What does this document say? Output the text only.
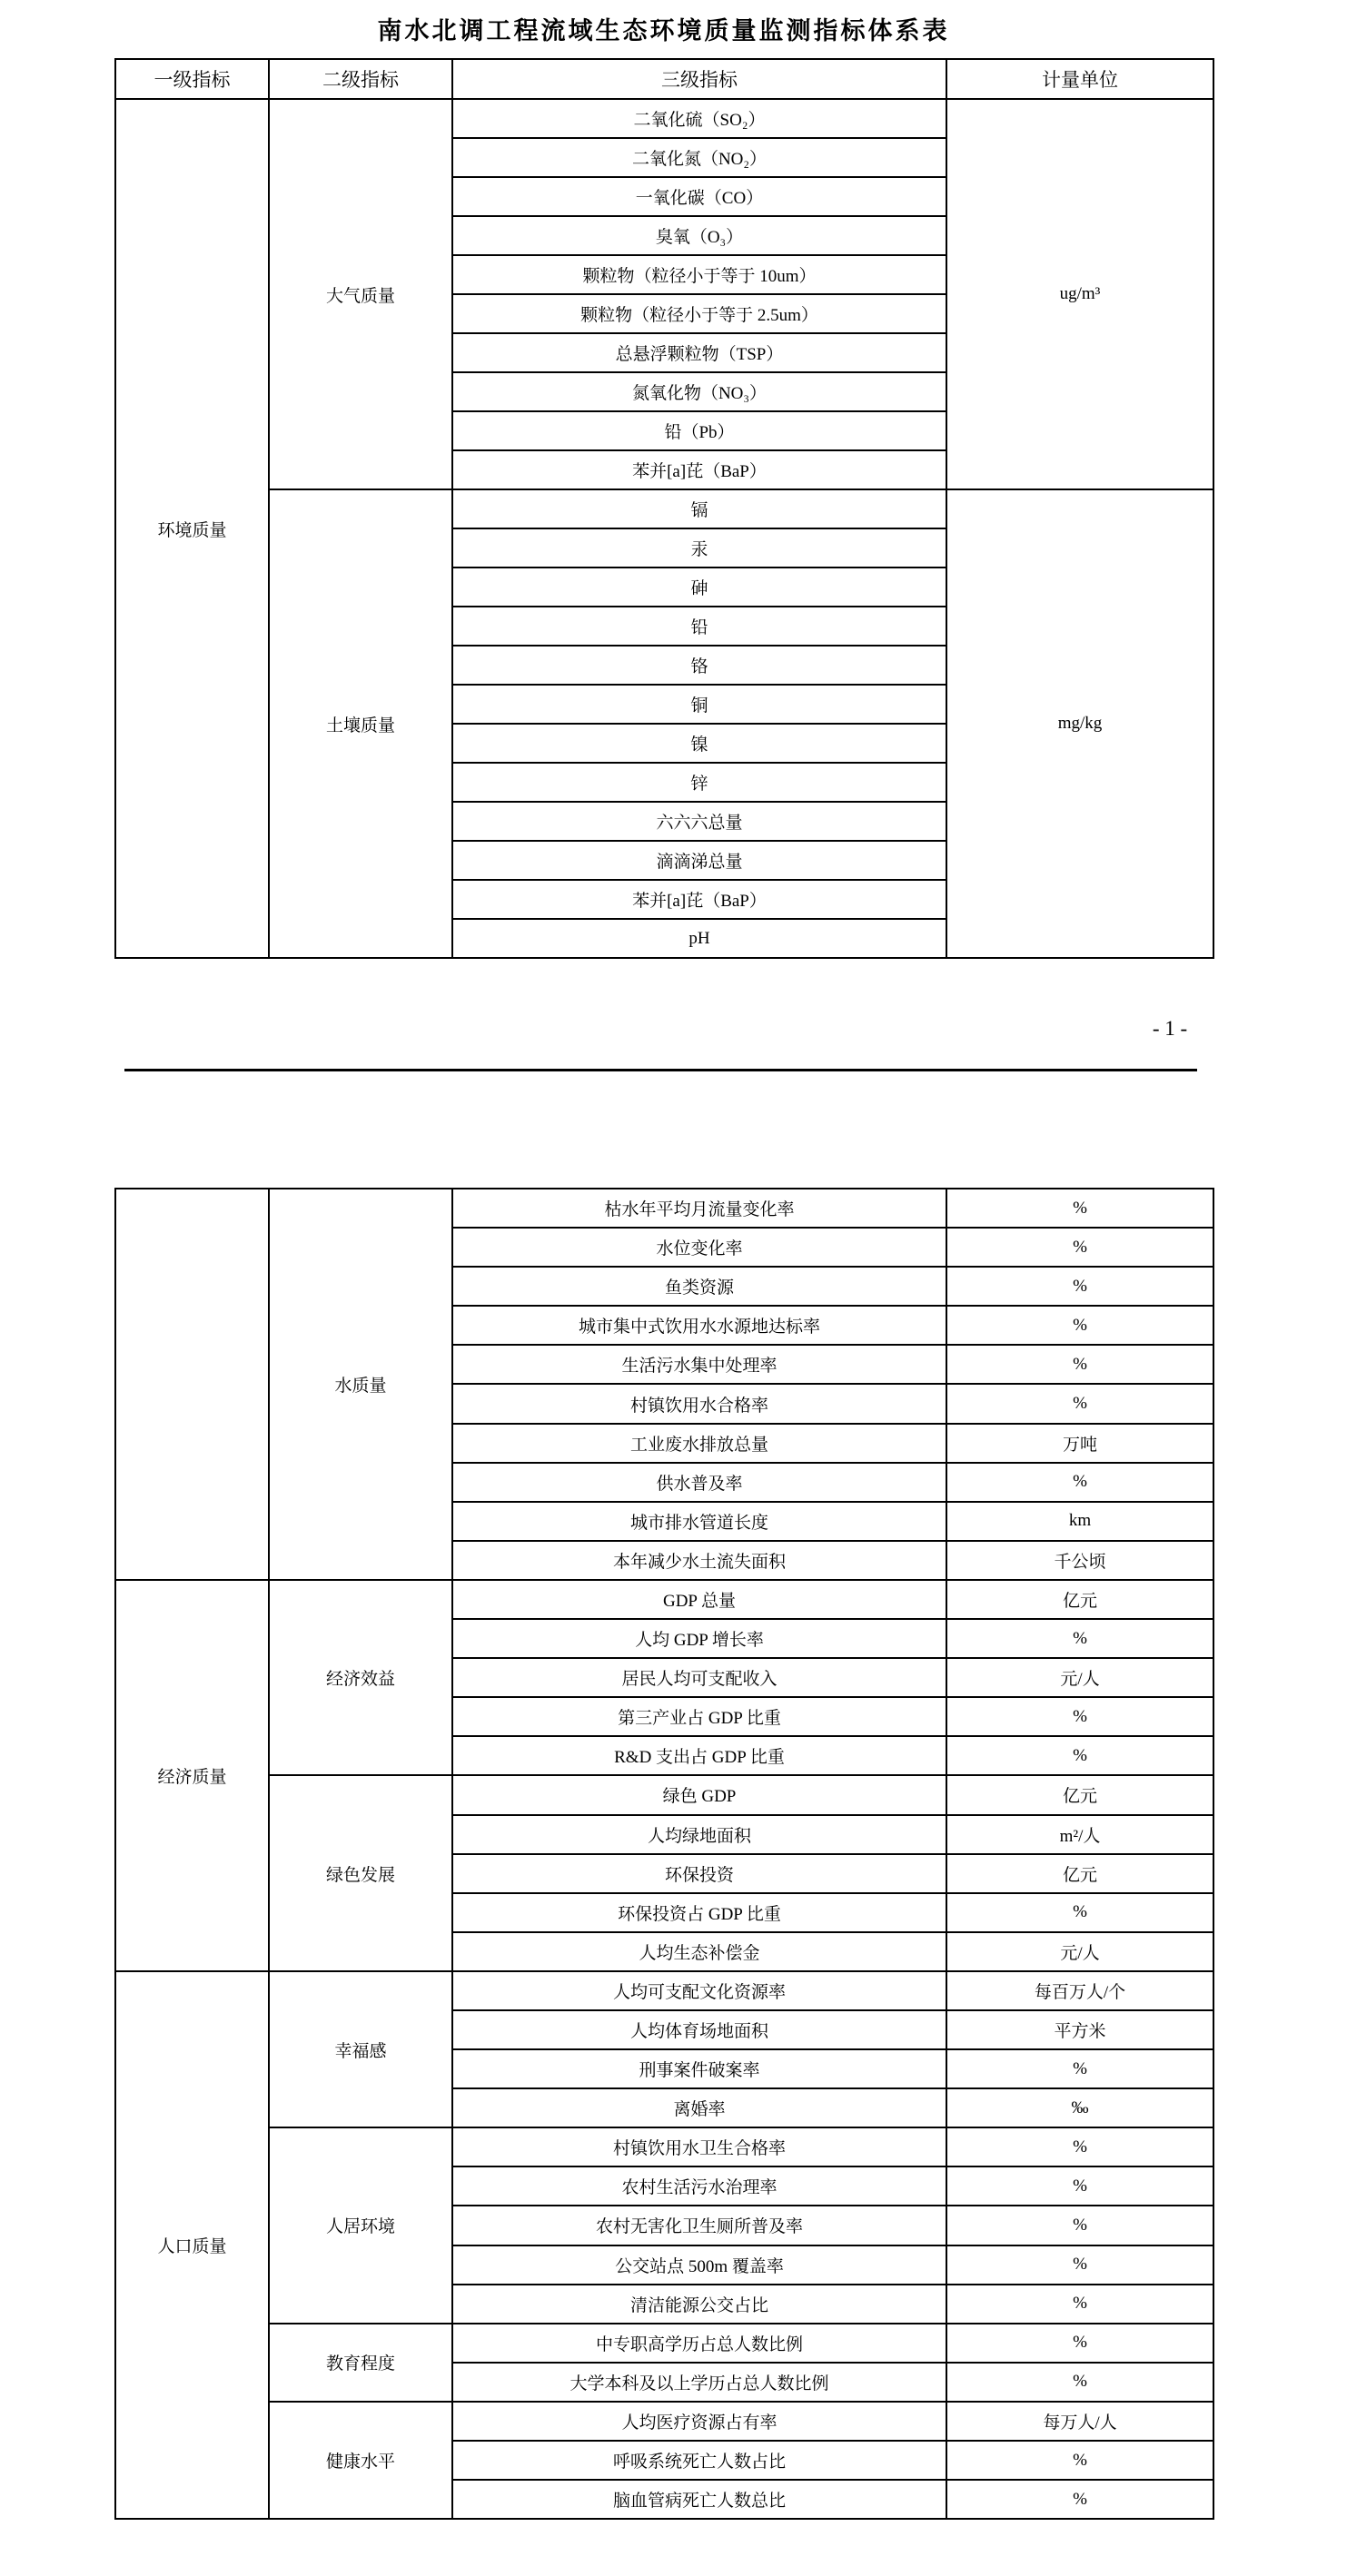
南水北调工程流域生态环境质量监测指标体系表
一级指标	二级指标	三级指标	计量单位
环境质量	大气质量	二氧化硫（SO₂）	ug/m³
		二氧化氮（NO₂）	
		一氧化碳（CO）	
		臭氧（O₃）	
		颗粒物（粒径小于等于 10um）	
		颗粒物（粒径小于等于 2.5um）	
		总悬浮颗粒物（TSP）	
		氮氧化物（NO₃）	
		铅（Pb）	
		苯并[a]芘（BaP）	
	土壤质量	镉	mg/kg
		汞	
		砷	
		铅	
		铬	
		铜	
		镍	
		锌	
		六六六总量	
		滴滴涕总量	
		苯并[a]芘（BaP）	
		pH	
- 1 -
	水质量	枯水年平均月流量变化率	%
		水位变化率	%
		鱼类资源	%
		城市集中式饮用水水源地达标率	%
		生活污水集中处理率	%
		村镇饮用水合格率	%
		工业废水排放总量	万吨
		供水普及率	%
		城市排水管道长度	km
		本年减少水土流失面积	千公顷
经济质量	经济效益	GDP 总量	亿元
		人均 GDP 增长率	%
		居民人均可支配收入	元/人
		第三产业占 GDP 比重	%
		R&D 支出占 GDP 比重	%
	绿色发展	绿色 GDP	亿元
		人均绿地面积	m²/人
		环保投资	亿元
		环保投资占 GDP 比重	%
		人均生态补偿金	元/人
人口质量	幸福感	人均可支配文化资源率	每百万人/个
		人均体育场地面积	平方米
		刑事案件破案率	%
		离婚率	‰
	人居环境	村镇饮用水卫生合格率	%
		农村生活污水治理率	%
		农村无害化卫生厕所普及率	%
		公交站点 500m 覆盖率	%
		清洁能源公交占比	%
	教育程度	中专职高学历占总人数比例	%
		大学本科及以上学历占总人数比例	%
	健康水平	人均医疗资源占有率	每万人/人
		呼吸系统死亡人数占比	%
		脑血管病死亡人数总比	%
